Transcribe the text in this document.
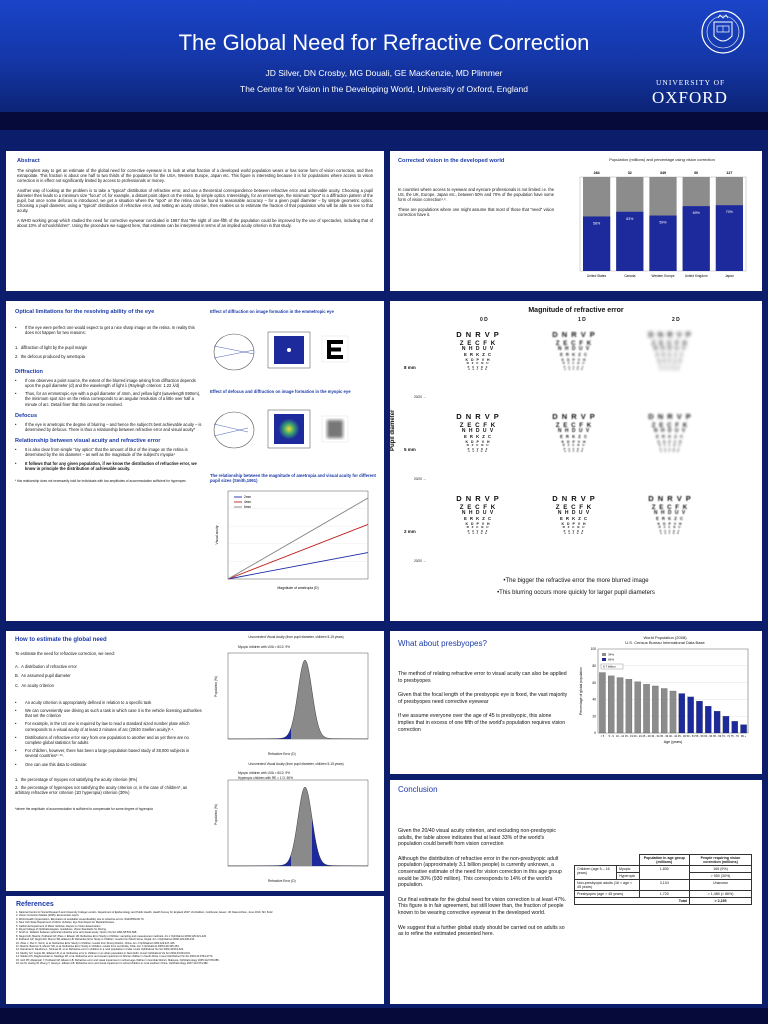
The Global Need for Refractive Correction
JD Silver, DN Crosby, MG Douali, GE MacKenzie, MD Plimmer
The Centre for Vision in the Developing World, University of Oxford, England
UNIVERSITY OF
OXFORD
Abstract

The simplest way to get an estimate of the global need for corrective eyewear is to look at what fraction of a developed world population wears or has some form of vision correction, and then extrapolate. This fraction is about one half to two thirds of the population for the USA, Western Europe, Japan etc. This figure is interesting because it is for populations where access to vision correction is in effect not significantly limited by access to professionals or money.

Another way of looking at the problem is to take a "typical" distribution of refractive error, and use a theoretical correspondence between refractive error and achievable acuity. Choosing a pupil diameter then leads to a minimum size "focus" of, for example, a distant point object on the retina, by simple optics. Interestingly, for an emmetrope, the minimum "spot" is a diffraction pattern of the pupil, but once some defocus is introduced, we get a situation where the "spot" on the retina can be found to reasonable accuracy – for a given pupil diameter – by simple geometric optics. Choosing a pupil diameter, using a "typical" distribution of refractive error, and setting an acuity criterion, then enables us to estimate the fraction of that population who will be able to see to that acuity.

A WHO working group which studied the need for corrective eyewear concluded in 1987 that "the sight of one-fifth of the population could be improved by the use of spectacles, including that of about 10% of schoolchildren". Using the procedure we suggest here, that estimate can be interpreted in terms of an implied acuity criterion in that study.

Corrected vision in the developed world

In countries where access to eyewear and eyecare professionals is not limited i.e. the US, the UK, Europe, Japan etc., between 50% and 70% of the population have some form of vision correction¹˒².

These are populations where one might assume that most of those that "need" vision correction have it.

Population (millions) and percentage using vision correction
284
58%
United States
32
63%
Canada
349
59%
Western Europe
60
69%
United Kingdom
127
70%
Japan
Optical limitations for the resolving ability of the eye
• If the eye were perfect one would expect to get a nice sharp image on the retina. In reality this does not happen for two reasons:
1.  diffraction of light by the pupil margin
2.  the defocus produced by ametropia
Diffraction
• If one observes a point source, the extent of the blurred image arising from diffraction depends upon the pupil diameter (d) and the wavelength of light λ (Rayleigh criterion: 1.22 λ/d)
• Thus, for an emmetropic eye with a pupil diameter of 4mm, and yellow light (wavelength 590nm), the minimum spot size on the retina corresponds to an angular resolution of a little over half a minute of arc. Detail finer that this cannot be resolved.
Defocus
• If the eye is ametropic the degree of blurring – and hence the subject's best achievable acuity – is determined by defocus. There is thus a relationship between refractive error and visual acuity*
Relationship between visual acuity and refractive error
• It is also clear from simple "ray optics" that the amount of blur of the image on the retina is determined by the iris diameter – as well as the magnitude of the subject's myopia¹
• It follows that for any given population, if we know the distribution of refractive error, we know in principle the distribution of achievable acuity.
* this relationship does not necessarily hold for individuals with low amplitudes of accommodation sufficient for hyperopes
Effect of diffraction on image formation in the emmetropic eye
Effect of defocus and diffraction on image formation in the myopic eye
The relationship between the magnitude of ametropia and visual acuity for different pupil sizes (Smith,1991)
2mm
4mm
6mm
Magnitude of ametropia (D)
Visual acuity
Magnitude of refractive error
0 D	1 D	2 D
Pupil diameter
8 mm
20/20 →
D N R V P
Z E C F K
N H D U V
E R K Z C
K D P V H
R Z C N U
P U V K Z
D H P N R
D N R V P
Z E C F K
N H D U V
E R K Z C
K D P V H
R Z C N U
P U V K Z
D H P N R
D N R V P
Z E C F K
N H D U V
E R K Z C
K D P V H
R Z C N U
P U V K Z
D H P N R
5 mm
20/20 →
D N R V P
Z E C F K
N H D U V
E R K Z C
K D P V H
R Z C N U
P U V K Z
D H P N R
D N R V P
Z E C F K
N H D U V
E R K Z C
K D P V H
R Z C N U
P U V K Z
D H P N R
D N R V P
Z E C F K
N H D U V
E R K Z C
K D P V H
R Z C N U
P U V K Z
D H P N R
2 mm
20/20 →
D N R V P
Z E C F K
N H D U V
E R K Z C
K D P V H
R Z C N U
P U V K Z
D H P N R
D N R V P
Z E C F K
N H D U V
E R K Z C
K D P V H
R Z C N U
P U V K Z
D H P N R
D N R V P
Z E C F K
N H D U V
E R K Z C
K D P V H
R Z C N U
P U V K Z
D H P N R
•The bigger the refractive error the more blurred image
•This blurring occurs more quickly for larger pupil diameters
How to estimate the global need
To estimate the need for refractive correction, we need:
A.  A distribution of refractive error
B.  An assumed pupil diameter
C.  An acuity criterion
• An acuity criterion is appropriately defined in relation to a specific task
• We can conveniently use driving as such a task in which case it is the vehicle licensing authorities that set the criterion
• For example, in the US one is required by law to read a standard sized number plate which corresponds to a visual acuity of at least 2 minutes of arc (20/40 Snellen acuity)³˒⁴.
• Distributions of refractive error vary from one population to another and as yet there are no complete global statistics for adults
• For children, however, there has been a large population based study of 38,000 subjects in several countries⁵⁻¹⁶.
• One can use this data to estimate:
1.  the percentage of myopes not satisfying the acuity criterion (9%)
2.  the percentage of hyperopes not satisfying the acuity criterion or, in the case of children*, an arbitrary refractive error criterion (1D hyperopia) criterion (30%)
*where the amplitude of accommodation is sufficient to compensate for some degree of hyperopia
Uncorrected Visual Acuity (from pupil diameter, children 5-15 years)
Myopic children with UVA > 6/12: 9%
Refractive Error (D)
Population (%)
Uncorrected Visual Acuity (from pupil diameter, children 5-15 years)
Myopic children with UVA > 6/12: 9%
Hyperopic children with RE > 1 D: 50%
Refractive Error (D)
Population (%)
What about presbyopes?

The method of relating refractive error to visual acuity can also be applied to presbyopes

Given that the focal length of the presbyopic eye is fixed, the vast majority of presbyopes need corrective eyewear

If we assume everyone over the age of 45 is presbyopic, this alone implies that in excess of one fifth of the world's population requires vision correction

World Population (2008)
U.S. Census Bureau International Data Base
100
80
60
40
20
0
< 5 5 - 9 10 - 14 15 - 19 20 - 24 25 - 29 30 - 34 35 - 39 40 - 44 45 - 49 50 - 54 55 - 59 60 - 64 65 - 69 70 - 74 75 - 79 80 +
34%
66%
6.7 billion
Age (years)
Percentage of global population
Conclusion

Given the 20/40 visual acuity criterion, and excluding non-presbyopic adults, the table above indicates that at least 33% of the world's population could benefit from vision correction

Although the distribution of refractive error in the non-presbyopic adult population (approximately 3.1 billion people) is currently unknown, a conservative estimate of the need for vision correction in this age group would be 30% (930 million). This corresponds to 14% of the world's population.

Our final estimate for the global need for vision correction is at least 47%. This figure is in fair agreement, but still lower than, the fraction of people known to be wearing corrective eyewear in the developed world.

We suggest that a further global study should be carried out on adults so as to refine the estimated presented here.

		Population in age group (millions)	People requiring vision correction (millions)
Children (age 5 – 16 years)	Myopic	1,830	165 (9%)
	Hyperopic		> 550 (30%)
Non-presbyopic adults (16 < age < 45 years)		3,104	Unknown
Presbyopes (age > 45 years)		1,720	> 1,480 (> 86%)
Total			> 2,195
References
1. National Centre for Social Research and University College London. Department of Epidemiology and Public Health. Health Survey for England 2007: 2nd Edition. Colchester, Essex: UK Data Archive, June 2010. SN: 6112.
2. Vision Correction Market (2005). Euromonitor report.
3. World Health Organization. Elimination of avoidable visual disability due to refractive errors. WHO/PBL/00.79.
4. New York State Department of Motor Vehicles. Eye Test Report for Medical Review.
5. California Department of Motor Vehicles. Report on Vision Examination.
6. Royal College of Ophthalmologists. Guidelines, Vision Standards for Driving.
7. Smith G. Relation between spherical refractive error and visual acuity. Optom Vis Sci 1991;68:591-598.
8. Negrel AD, Maul E, Pokharel GP, Zhao J, Ellwein LB. Refractive Error Study in Children: sampling and measurement methods. Am J Ophthalmol 2000;129:421-426.
9. Pokharel GP, Negrel AD, Munoz SR, Ellwein LB. Refractive Error Study in Children: results from Mechi Zone, Nepal. Am J Ophthalmol 2000;129:436-444.
10. Zhao J, Pan X, Sui R, et al. Refractive Error Study in Children: results from Shunyi District, China. Am J Ophthalmol 2000;129:427-435.
11. Maul E, Barroso S, Munoz SR, et al. Refractive Error Study in Children: results from La Florida, Chile. Am J Ophthalmol 2000;129:445-454.
12. Dandona R, Dandona L, Srinivas M, et al. Refractive error in children in a rural population in India. Invest Ophthalmol Vis Sci 2002;43:615-622.
13. Murthy GV, Gupta SK, Ellwein LB, et al. Refractive error in children in an urban population in New Delhi. Invest Ophthalmol Vis Sci 2002;43:623-631.
14. Naidoo KS, Raghunandan A, Mashige KP, et al. Refractive error and visual impairment in African children in South Africa. Invest Ophthalmol Vis Sci 2003;44:3764-3770.
15. Goh PP, Abqariyah Y, Pokharel GP, Ellwein LB. Refractive error and visual impairment in school-age children in Gombak District, Malaysia. Ophthalmology 2005;112:678-685.
16. He M, Huang W, Zheng Y, Huang L, Ellwein LB. Refractive error and visual impairment in school children in rural southern China. Ophthalmology 2007;114:374-382.
